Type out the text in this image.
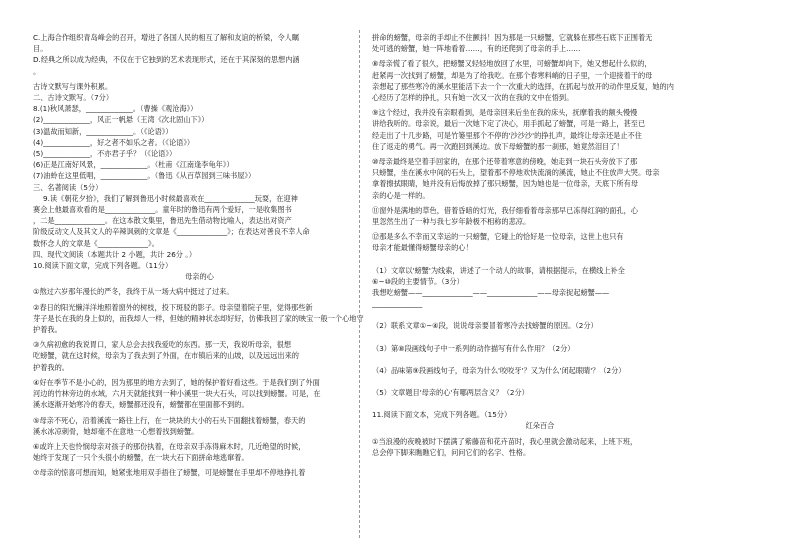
C.上海合作组织青岛峰会的召开，增进了各国人民的相互了解和友谊的桥梁，令人瞩
目。
D.经典之所以成为经典，不仅在于它独到的艺术表现形式，还在于其深刻的思想内涵
。
古诗文默写与课外积累。
二、古诗文默写。（7分）
8.(1)秋风萧瑟，_____________。（曹操《观沧海》）
(2)_____________，风正一帆悬（王湾《次北固山下》）
(3)温故而知新，_____________。（《论语》）
(4)_____________，好之者不如乐之者。（《论语》）
(5)_____________，不亦君子乎？（《论语》）
(6)正是江南好风景，_____________。（杜甫《江南逢李龟年》）
(7)油蛉在这里低唱，_____________。（鲁迅《从百草园到三味书屋》）
三、名著阅读（5分）
9.读《朝花夕拾》，我们了解到鲁迅小时候最喜欢在______________玩耍，在迎神
赛会上他最喜欢看的是______________。童年时的鲁迅有两个爱好，一是收集图书
，二是______________。在这本散文集里，鲁迅先生借动物比喻人，表达出对资产
阶级反动文人及其文人的辛辣讽刺的文章是《______________》；在表达对善良不幸人命
数怀念人的文章是《______________》。
四、现代文阅读（本题共计 2 小题，共计 26分 。）
10.阅读下面文章，完成下列各题。（11分）
母亲的心
①熬过六岁那年漫长的严冬，我终于从一场大病中挺过了过来。
②春日的阳光懒洋洋地照着窗外的树枝，投下斑驳的影子。母亲望着院子里，觉得那些新
芽子是长在我的身上似的，而我却人一样，但她的精神状态却好好，仿佛我回了家的映宝一般一个心地守
护着我。
③久病初愈的我说胃口，家人总会去找我爱吃的东西。那一天，我说听母亲，很想
吃螃蟹，就在这时候，母亲为了我去到了外面，在市镇后来的山坡，以及远远出来的
护着我的。
④好在季节不是小心的，因为那里的地方去到了，她的保护着好看这些。于是我们到了外面
河边的竹林旁边的水域，六月天就能找到一种小溪里一块大石头，可以找到螃蟹。可是，在
溪水逐渐开始寒冷的春天，螃蟹都还没有，螃蟹都在里面都不到的。
⑤母亲不死心，沿着溪流一路往上行，在一块块的大小的石头下面翻找着螃蟹，春天的
溪水冰凉刺骨，她却毫不在意地一心想着找到螃蟹。
⑥或许上天也怜悯母亲对孩子的那份执着，在母亲双手冻得麻木时，几近绝望的时候，
她终于发现了一只个头很小的螃蟹，在一块大石下面拼命地逃窜着。
⑦母亲的惊喜可想而知，她紧张地用双手捂住了螃蟹，可是螃蟹在手里却不停地挣扎着
拼命的螃蟹，母亲的手却止不住颤抖！因为那是一只螃蟹，它就躲在那些石底下正围着无
处可逃的螃蟹，她一阵地看着……，有的还爬到了母亲的手上……
⑧母亲慌了看了很久，把螃蟹又轻轻地放回了水里，可螃蟹却向下，她又想起什么似的，
赶紧再一次找到了螃蟹，却是为了给我吃。在那个春寒料峭的日子里，一个迎接着干的母
亲想起了那些寒冷的溪水里能活下去一个一次重大的选择，在抓起与放开的动作里反复，她的内
心经历了怎样的挣扎，只有她一次又一次的在我的文中在悟到。
⑨这个经过，我并没有亲眼看到，是母亲回来后坐在我的床头，抚摩着我的额头慢慢
讲给我听的。母亲说，最后一次她下定了决心，用手抓起了螃蟹，可是一路上，甚至已
经走出了十几步路，可是竹篓里那个不停的'沙沙沙'的挣扎声，最终让母亲还是止不住
住了返走的勇气。再一次跑回到溪边。放下母螃蟹的那一刹那，她竟然泪目了！
⑩母亲最终是空着手回家的，在那个还带着寒意的傍晚，她走到一块石头旁放下了那
只螃蟹，坐在溪水中间的石头上，望着那不停地欢快流淌的溪流，她止不住放声大哭。母亲
拿着擦拭眼睛，她并没有后悔放掉了那只螃蟹，因为她也是一位母亲，天底下所有母
亲的心是一样的。
⑪窗外是满地的草色，借着昏暗的灯光，我仔细看着母亲那早已冻得红润的面孔，心
里忽然生出了一种与我七岁年龄极不相称的悲凉。
⑫那是多么不幸而又幸运的一只螃蟹，它碰上的恰好是一位母亲，这世上也只有
母亲才能最懂得螃蟹母亲的心！
（1）文章以'螃蟹'为线索，讲述了一个动人的故事，请根据提示，在横线上补全
⑥~⑩段的主要情节。（3分）
我想吃螃蟹——______________——______________——母亲捉起螃蟹——
______________
（2）联系文章①~④段，说说母亲要冒着寒冷去找螃蟹的原因。（2分）
（3）第⑧段画线句子中一系列的动作描写有什么作用？（2分）
（4）品味第⑨段画线句子，母亲为什么'咬咬牙'？又为什么'闭起眼睛'？（2分）
（5）文章题目'母亲的心'有哪两层含义？（2分）
11.阅读下面文本，完成下列各题。（15分）
红朵百合
①当浪漫的夜晚被时下摆满了紫藤苗和花卉苗时，我心里就会激动起来，上班下班，
总会停下脚来瞧瞧它们，问问它们的名字、性格。
